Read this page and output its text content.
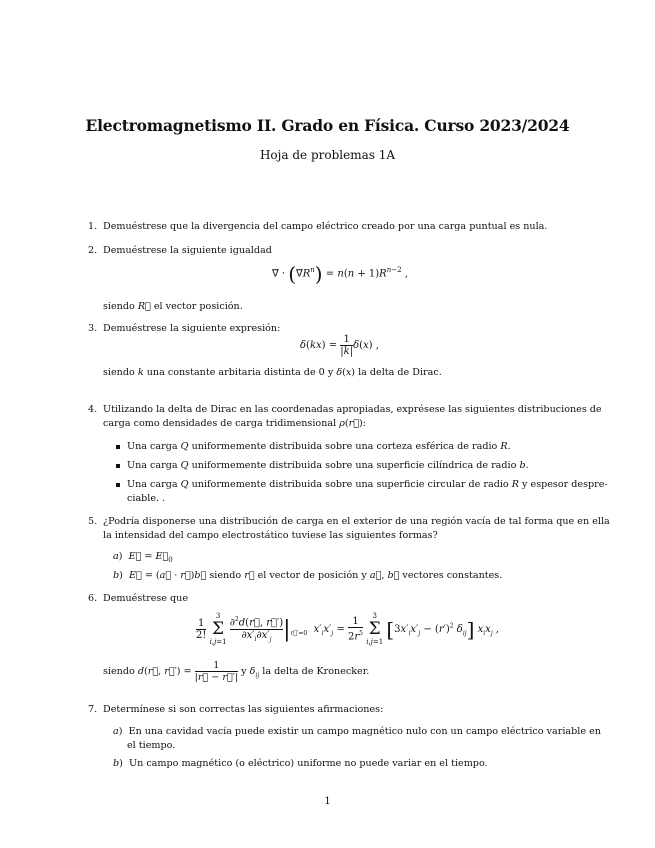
Electromagnetismo II. Grado en Física. Curso 2023/2024
Hoja de problemas 1A
1. Demuéstrese que la divergencia del campo eléctrico creado por una carga puntual es nula.
2. Demuéstrese la siguiente igualdad
∇⃗ · $(\nabla⃗R^n) = n(n + 1)R^{n-2}$ ,
siendo R⃗ el vector posición.
3. Demuéstrese la siguiente expresión:
$\delta(kx) = \frac{1}{|k|} \delta(x)$ ,
siendo k una constante arbitaria distinta de 0 y δ(x) la delta de Dirac.
4. Utilizando la delta de Dirac en las coordenadas apropiadas, exprésese las siguientes distribuciones de
carga como densidades de carga tridimensional ρ(r⃗):
Una carga Q uniformemente distribuida sobre una corteza esférica de radio R.
Una carga Q uniformemente distribuida sobre una superficie cilíndrica de radio b.
Una carga Q uniformemente distribuida sobre una superficie circular de radio R y espesor despre-
ciable. .
5. ¿Podría disponerse una distribución de carga en el exterior de una región vacía de tal forma que en ella
la intensidad del campo electrostático tuviese las siguientes formas?
a)  E⃗ = $E⃗_0$
b)  E⃗ = (a⃗ · r⃗)b⃗ siendo r⃗ el vector de posición y a⃗, b⃗ vectores constantes.
6. Demuéstrese que
$\frac{1}{2!}$
3
Σ
$i,j=1 \frac{\partial^2d(r⃗, r⃗')}{\partial x'_i\partial x'_j} |_{r⃗'=0}$ $x'_ix'_j = \frac{1}{2r^5}$
3
Σ
i,j=1 [$3x'_ix'_j - (r')^2$ $\delta_{ij}$] $x_ix_j$ ,
siendo d(r⃗, r⃗′) = $\frac{1}{|r⃗ - r⃗'|}$ y $\delta_{ij}$ la delta de Kronecker.
7. Determínese si son correctas las siguientes afirmaciones:
a)  En una cavidad vacía puede existir un campo magnético nulo con un campo eléctrico variable en
el tiempo.
b)  Un campo magnético (o eléctrico) uniforme no puede variar en el tiempo.
1
